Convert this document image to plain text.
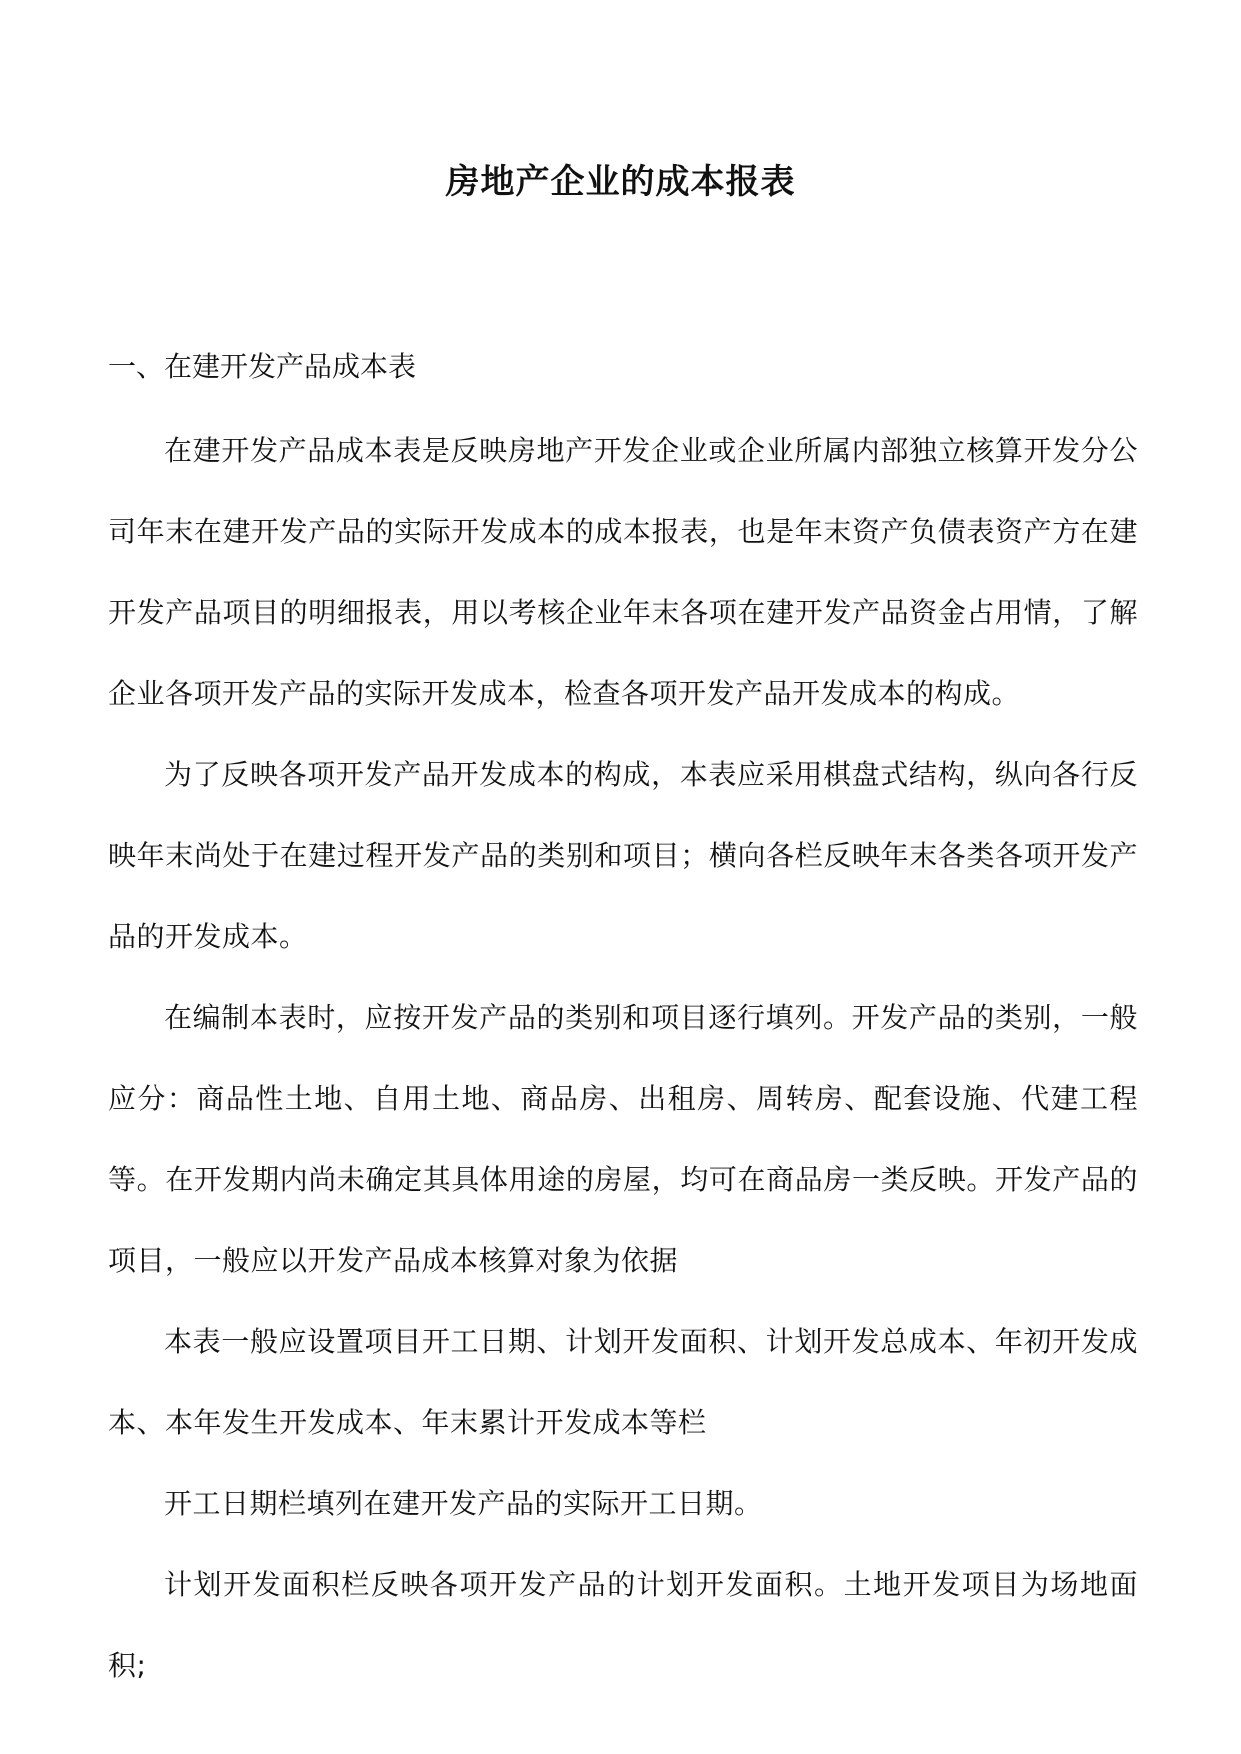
房地产企业的成本报表

一、在建开发产品成本表

在建开发产品成本表是反映房地产开发企业或企业所属内部独立核算开发分公司年末在建开发产品的实际开发成本的成本报表，也是年末资产负债表资产方在建开发产品项目的明细报表，用以考核企业年末各项在建开发产品资金占用情，了解企业各项开发产品的实际开发成本，检查各项开发产品开发成本的构成。

为了反映各项开发产品开发成本的构成，本表应采用棋盘式结构，纵向各行反映年末尚处于在建过程开发产品的类别和项目；横向各栏反映年末各类各项开发产品的开发成本。

在编制本表时，应按开发产品的类别和项目逐行填列。开发产品的类别，一般应分：商品性土地、自用土地、商品房、出租房、周转房、配套设施、代建工程等。在开发期内尚未确定其具体用途的房屋，均可在商品房一类反映。开发产品的项目，一般应以开发产品成本核算对象为依据

本表一般应设置项目开工日期、计划开发面积、计划开发总成本、年初开发成本、本年发生开发成本、年末累计开发成本等栏

开工日期栏填列在建开发产品的实际开工日期。

计划开发面积栏反映各项开发产品的计划开发面积。土地开发项目为场地面积;
